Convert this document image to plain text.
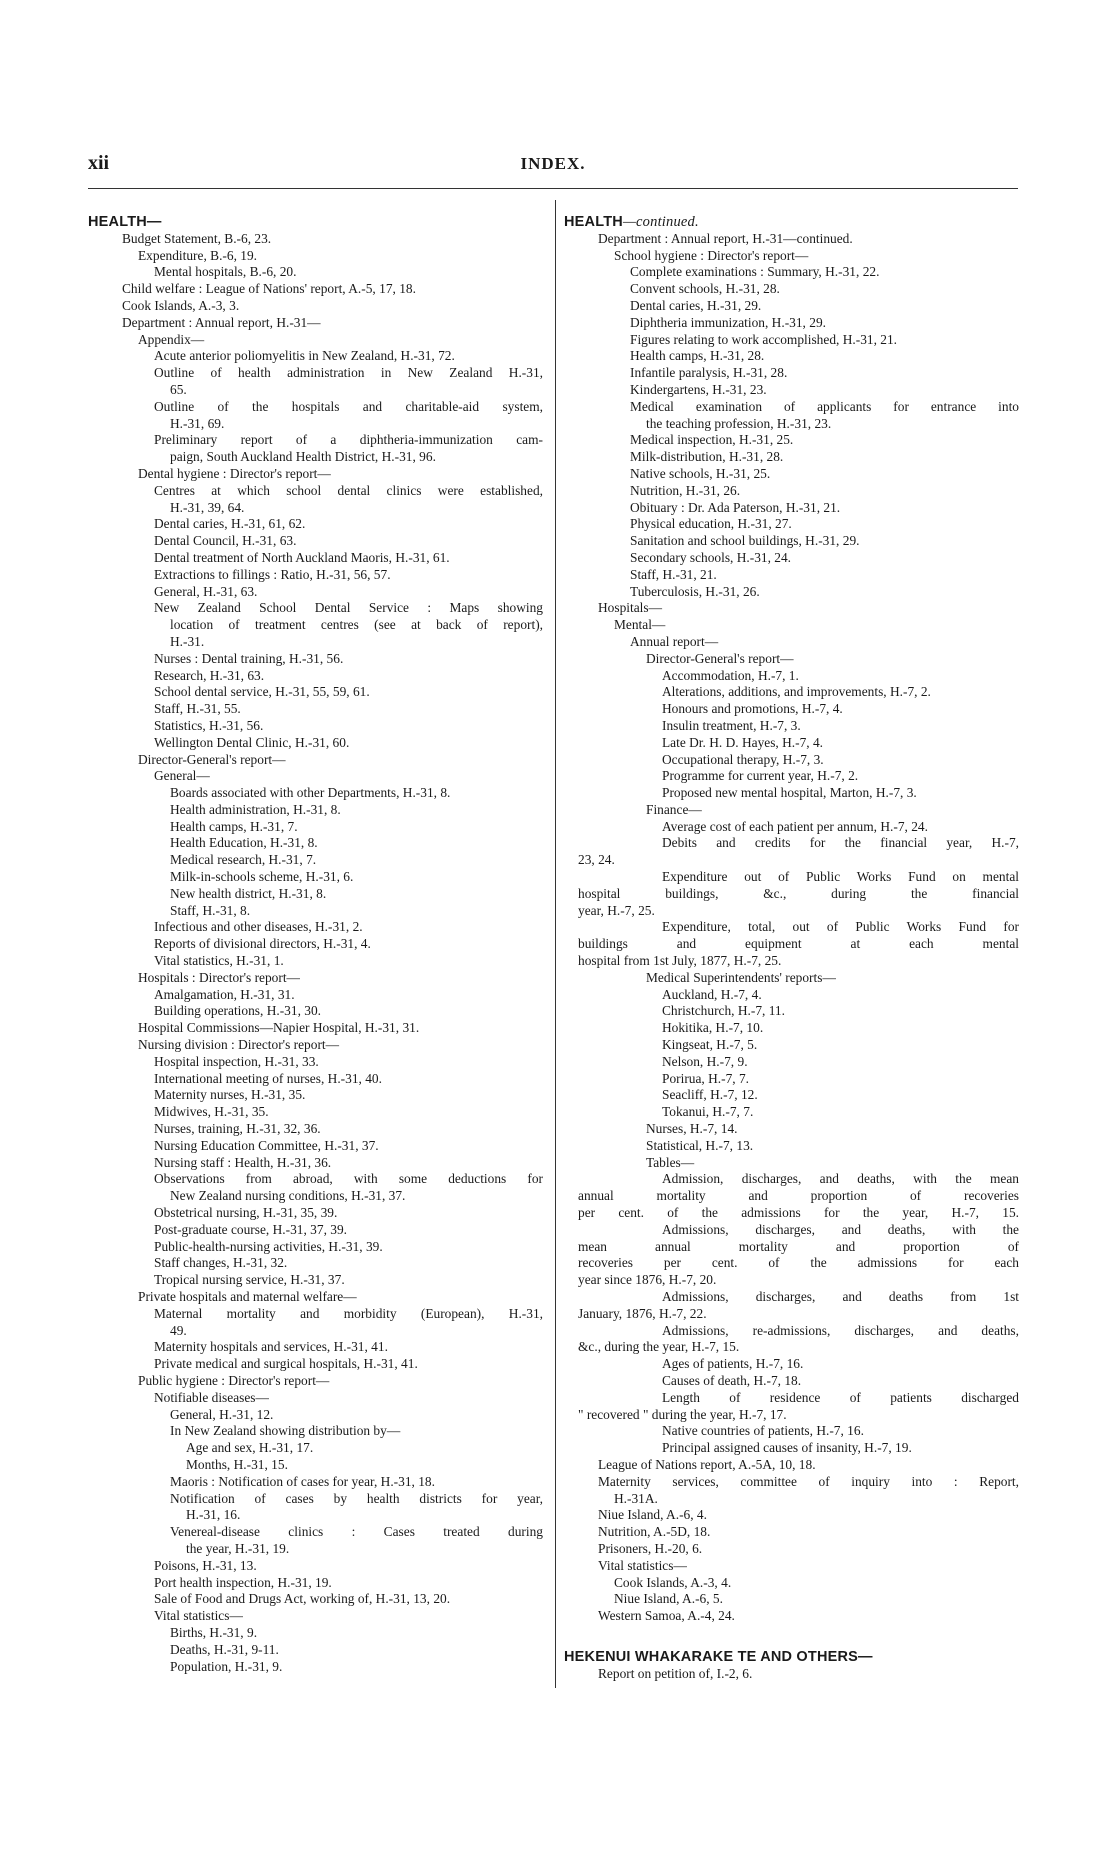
xii	INDEX.
HEALTH—
Budget Statement, B.-6, 23.
Expenditure, B.-6, 19.
Mental hospitals, B.-6, 20.
Child welfare : League of Nations' report, A.-5, 17, 18.
Cook Islands, A.-3, 3.
Department : Annual report, H.-31—
Appendix—
Acute anterior poliomyelitis in New Zealand, H.-31, 72.
Outline of health administration in New Zealand H.-31,
65.
Outline of the hospitals and charitable-aid system,
H.-31, 69.
Preliminary report of a diphtheria-immunization cam-
paign, South Auckland Health District, H.-31, 96.
Dental hygiene : Director's report—
Centres at which school dental clinics were established,
H.-31, 39, 64.
Dental caries, H.-31, 61, 62.
Dental Council, H.-31, 63.
Dental treatment of North Auckland Maoris, H.-31, 61.
Extractions to fillings : Ratio, H.-31, 56, 57.
General, H.-31, 63.
New Zealand School Dental Service : Maps showing
location of treatment centres (see at back of report),
H.-31.
Nurses : Dental training, H.-31, 56.
Research, H.-31, 63.
School dental service, H.-31, 55, 59, 61.
Staff, H.-31, 55.
Statistics, H.-31, 56.
Wellington Dental Clinic, H.-31, 60.
Director-General's report—
General—
Boards associated with other Departments, H.-31, 8.
Health administration, H.-31, 8.
Health camps, H.-31, 7.
Health Education, H.-31, 8.
Medical research, H.-31, 7.
Milk-in-schools scheme, H.-31, 6.
New health district, H.-31, 8.
Staff, H.-31, 8.
Infectious and other diseases, H.-31, 2.
Reports of divisional directors, H.-31, 4.
Vital statistics, H.-31, 1.
Hospitals : Director's report—
Amalgamation, H.-31, 31.
Building operations, H.-31, 30.
Hospital Commissions—Napier Hospital, H.-31, 31.
Nursing division : Director's report—
Hospital inspection, H.-31, 33.
International meeting of nurses, H.-31, 40.
Maternity nurses, H.-31, 35.
Midwives, H.-31, 35.
Nurses, training, H.-31, 32, 36.
Nursing Education Committee, H.-31, 37.
Nursing staff : Health, H.-31, 36.
Observations from abroad, with some deductions for
New Zealand nursing conditions, H.-31, 37.
Obstetrical nursing, H.-31, 35, 39.
Post-graduate course, H.-31, 37, 39.
Public-health-nursing activities, H.-31, 39.
Staff changes, H.-31, 32.
Tropical nursing service, H.-31, 37.
Private hospitals and maternal welfare—
Maternal mortality and morbidity (European), H.-31,
49.
Maternity hospitals and services, H.-31, 41.
Private medical and surgical hospitals, H.-31, 41.
Public hygiene : Director's report—
Notifiable diseases—
General, H.-31, 12.
In New Zealand showing distribution by—
Age and sex, H.-31, 17.
Months, H.-31, 15.
Maoris : Notification of cases for year, H.-31, 18.
Notification of cases by health districts for year,
H.-31, 16.
Venereal-disease clinics : Cases treated during
the year, H.-31, 19.
Poisons, H.-31, 13.
Port health inspection, H.-31, 19.
Sale of Food and Drugs Act, working of, H.-31, 13, 20.
Vital statistics—
Births, H.-31, 9.
Deaths, H.-31, 9-11.
Population, H.-31, 9.
HEALTH—continued.
Department : Annual report, H.-31—continued.
School hygiene : Director's report—
Complete examinations : Summary, H.-31, 22.
Convent schools, H.-31, 28.
Dental caries, H.-31, 29.
Diphtheria immunization, H.-31, 29.
Figures relating to work accomplished, H.-31, 21.
Health camps, H.-31, 28.
Infantile paralysis, H.-31, 28.
Kindergartens, H.-31, 23.
Medical examination of applicants for entrance into
the teaching profession, H.-31, 23.
Medical inspection, H.-31, 25.
Milk-distribution, H.-31, 28.
Native schools, H.-31, 25.
Nutrition, H.-31, 26.
Obituary : Dr. Ada Paterson, H.-31, 21.
Physical education, H.-31, 27.
Sanitation and school buildings, H.-31, 29.
Secondary schools, H.-31, 24.
Staff, H.-31, 21.
Tuberculosis, H.-31, 26.
Hospitals—
Mental—
Annual report—
Director-General's report—
Accommodation, H.-7, 1.
Alterations, additions, and improvements, H.-7, 2.
Honours and promotions, H.-7, 4.
Insulin treatment, H.-7, 3.
Late Dr. H. D. Hayes, H.-7, 4.
Occupational therapy, H.-7, 3.
Programme for current year, H.-7, 2.
Proposed new mental hospital, Marton, H.-7, 3.
Finance—
Average cost of each patient per annum, H.-7, 24.
Debits and credits for the financial year, H.-7,
23, 24.
Expenditure out of Public Works Fund on mental
hospital buildings, &c., during the financial
year, H.-7, 25.
Expenditure, total, out of Public Works Fund for
buildings and equipment at each mental
hospital from 1st July, 1877, H.-7, 25.
Medical Superintendents' reports—
Auckland, H.-7, 4.
Christchurch, H.-7, 11.
Hokitika, H.-7, 10.
Kingseat, H.-7, 5.
Nelson, H.-7, 9.
Porirua, H.-7, 7.
Seacliff, H.-7, 12.
Tokanui, H.-7, 7.
Nurses, H.-7, 14.
Statistical, H.-7, 13.
Tables—
Admission, discharges, and deaths, with the mean
annual mortality and proportion of recoveries
per cent. of the admissions for the year, H.-7, 15.
Admissions, discharges, and deaths, with the
mean annual mortality and proportion of
recoveries per cent. of the admissions for each
year since 1876, H.-7, 20.
Admissions, discharges, and deaths from 1st
January, 1876, H.-7, 22.
Admissions, re-admissions, discharges, and deaths,
&c., during the year, H.-7, 15.
Ages of patients, H.-7, 16.
Causes of death, H.-7, 18.
Length of residence of patients discharged
" recovered " during the year, H.-7, 17.
Native countries of patients, H.-7, 16.
Principal assigned causes of insanity, H.-7, 19.
League of Nations report, A.-5A, 10, 18.
Maternity services, committee of inquiry into : Report,
H.-31A.
Niue Island, A.-6, 4.
Nutrition, A.-5D, 18.
Prisoners, H.-20, 6.
Vital statistics—
Cook Islands, A.-3, 4.
Niue Island, A.-6, 5.
Western Samoa, A.-4, 24.
HEKENUI WHAKARAKE TE AND OTHERS—
Report on petition of, I.-2, 6.
